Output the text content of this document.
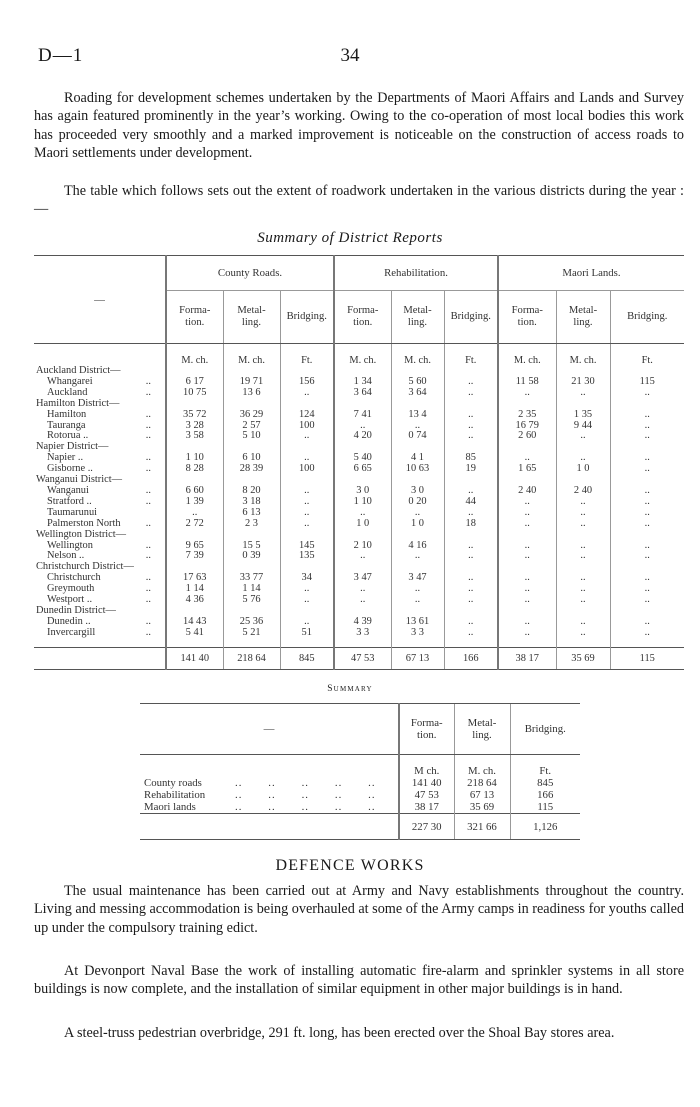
D—1	34

Roading for development schemes undertaken by the Departments of Maori Affairs and Lands and Survey has again featured prominently in the year’s working. Owing to the co-operation of most local bodies this work has proceeded very smoothly and a marked improvement is noticeable on the construction of access roads to Maori settlements under development.

The table which follows sets out the extent of roadwork undertaken in the various districts during the year :—

Summary of District Reports
—	County Roads.			Rehabilitation.			Maori Lands.		
	Forma-
tion.	Metal-
ling.	Bridging.	Forma-
tion.	Metal-
ling.	Bridging.	Forma-
tion.	Metal-
ling.	Bridging.
	M. ch.	M. ch.	Ft.	M. ch.	M. ch.	Ft.	M. ch.	M. ch.	Ft.
Auckland District—									
Whangarei ..	6 17	19 71	156	1 34	5 60	..	11 58	21 30	115
Auckland ..	10 75	13 6	..	3 64	3 64	..	..	..	..
Hamilton District—									
Hamilton ..	35 72	36 29	124	7 41	13 4	..	2 35	1 35	..
Tauranga ..	3 28	2 57	100	..	..	..	16 79	9 44	..
Rotorua .. ..	3 58	5 10	..	4 20	0 74	..	2 60	..	..
Napier District—									
Napier .. ..	1 10	6 10	..	5 40	4 1	85	..	..	..
Gisborne .. ..	8 28	28 39	100	6 65	10 63	19	1 65	1 0	..
Wanganui District—									
Wanganui ..	6 60	8 20	..	3 0	3 0	..	2 40	2 40	..
Stratford .. ..	1 39	3 18	..	1 10	0 20	44	..	..	..
Taumarunui	..	6 13	..	..	..	..	..	..	..
Palmerston North ..	2 72	2 3	..	1 0	1 0	18	..	..	..
Wellington District—									
Wellington ..	9 65	15 5	145	2 10	4 16	..	..	..	..
Nelson .. ..	7 39	0 39	135	..	..	..	..	..	..
Christchurch District—									
Christchurch ..	17 63	33 77	34	3 47	3 47	..	..	..	..
Greymouth ..	1 14	1 14	..	..	..	..	..	..	..
Westport .. ..	4 36	5 76	..	..	..	..	..	..	..
Dunedin District—									
Dunedin .. ..	14 43	25 36	..	4 39	13 61	..	..	..	..
Invercargill ..	5 41	5 21	51	3 3	3 3	..	..	..	..

	141 40	218 64	845	47 53	67 13	166	38 17	35 69	115
Summary
—	Forma-
tion.	Metal-
ling.	Bridging.
	M ch.	M. ch.	Ft.
County roads ..       ..       ..       ..       ..	141 40	218 64	845
Rehabilitation ..       ..       ..       ..       ..	47 53	67 13	166
Maori lands ..       ..       ..       ..       ..	38 17	35 69	115
	227 30	321 66	1,126
DEFENCE WORKS

The usual maintenance has been carried out at Army and Navy establishments throughout the country. Living and messing accommodation is being overhauled at some of the Army camps in readiness for youths called up under the compulsory training edict.

At Devonport Naval Base the work of installing automatic fire-alarm and sprinkler systems in all store buildings is now complete, and the installation of similar equipment in other major buildings is in hand.

A steel-truss pedestrian overbridge, 291 ft. long, has been erected over the Shoal Bay stores area.
